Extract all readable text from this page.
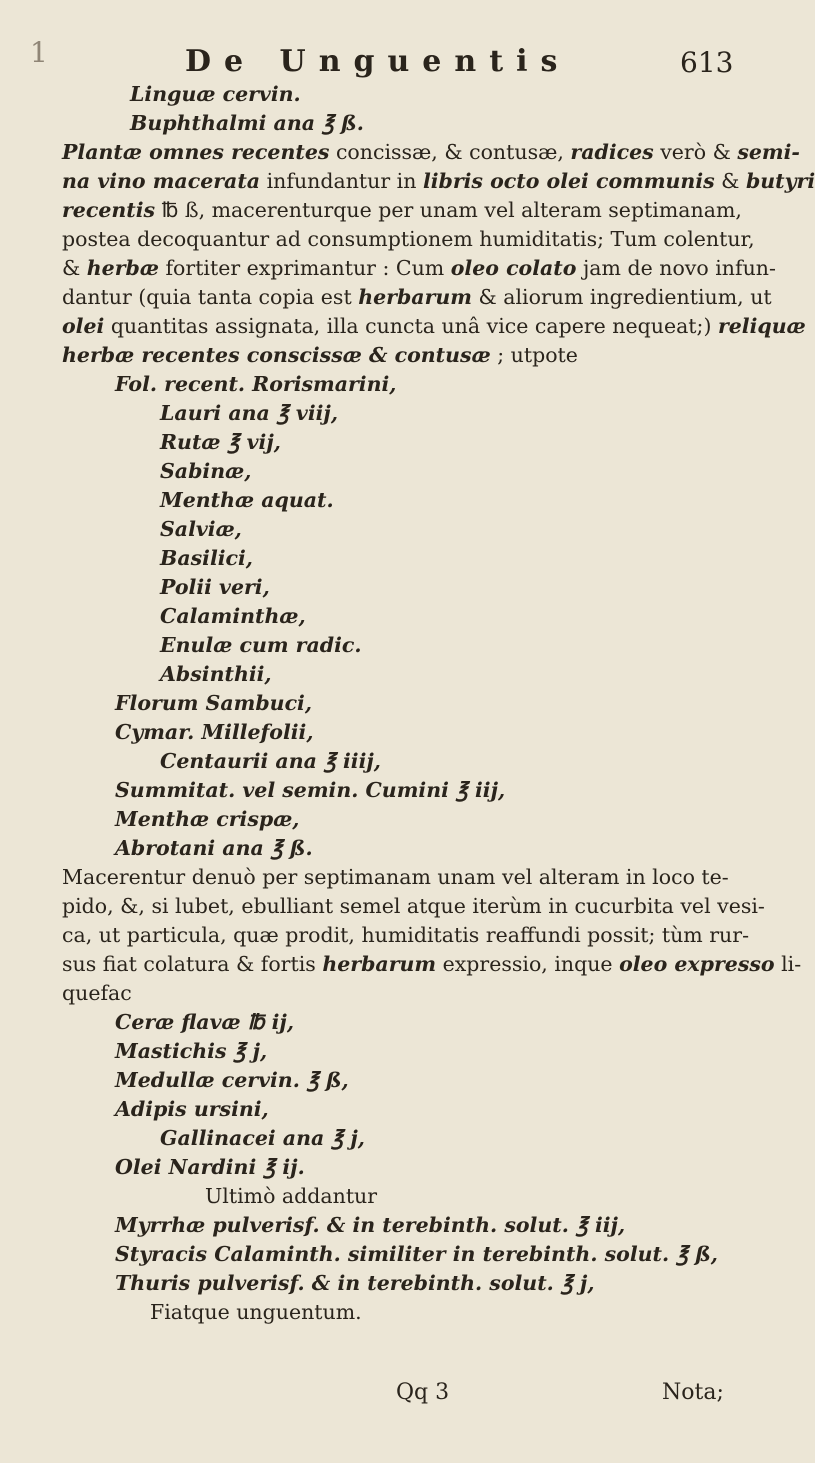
1	De Unguentis	613
Linguæ cervin.
Buphthalmi ana ℥ ß.
Plantæ omnes recentes concissæ, & contusæ, radices verò & semi-
na vino macerata infundantur in libris octo olei communis & butyri
recentis ℔ ß, macerenturque per unam vel alteram septimanam,
postea decoquantur ad consumptionem humiditatis; Tum colentur,
& herbæ fortiter exprimantur : Cum oleo colato jam de novo infun-
dantur (quia tanta copia est herbarum & aliorum ingredientium, ut
olei quantitas assignata, illa cuncta unâ vice capere nequeat;) reliquæ
herbæ recentes conscissæ & contusæ ; utpote
Fol. recent. Rorismarini,
Lauri ana ℥ viij,
Rutæ ℥ vij,
Sabinæ,
Menthæ aquat.
Salviæ,
Basilici,
Polii veri,
Calaminthæ,
Enulæ cum radic.
Absinthii,
Florum Sambuci,
Cymar. Millefolii,
Centaurii ana ℥ iiij,
Summitat. vel semin. Cumini ℥ iij,
Menthæ crispæ,
Abrotani ana ℥ ß.
Macerentur denuò per septimanam unam vel alteram in loco te-
pido, &, si lubet, ebulliant semel atque iterùm in cucurbita vel vesi-
ca, ut particula, quæ prodit, humiditatis reaffundi possit; tùm rur-
sus fiat colatura & fortis herbarum expressio, inque oleo expresso li-
quefac
Ceræ flavæ ℔ ij,
Mastichis ℥ j,
Medullæ cervin. ℥ ß,
Adipis ursini,
Gallinacei ana ℥ j,
Olei Nardini ℥ ij.
Ultimò addantur
Myrrhæ pulverisf. & in terebinth. solut. ℥ iij,
Styracis Calaminth. similiter in terebinth. solut. ℥ ß,
Thuris pulverisf. & in terebinth. solut. ℥ j,
Fiatque unguentum.
Qq 3	Nota;
